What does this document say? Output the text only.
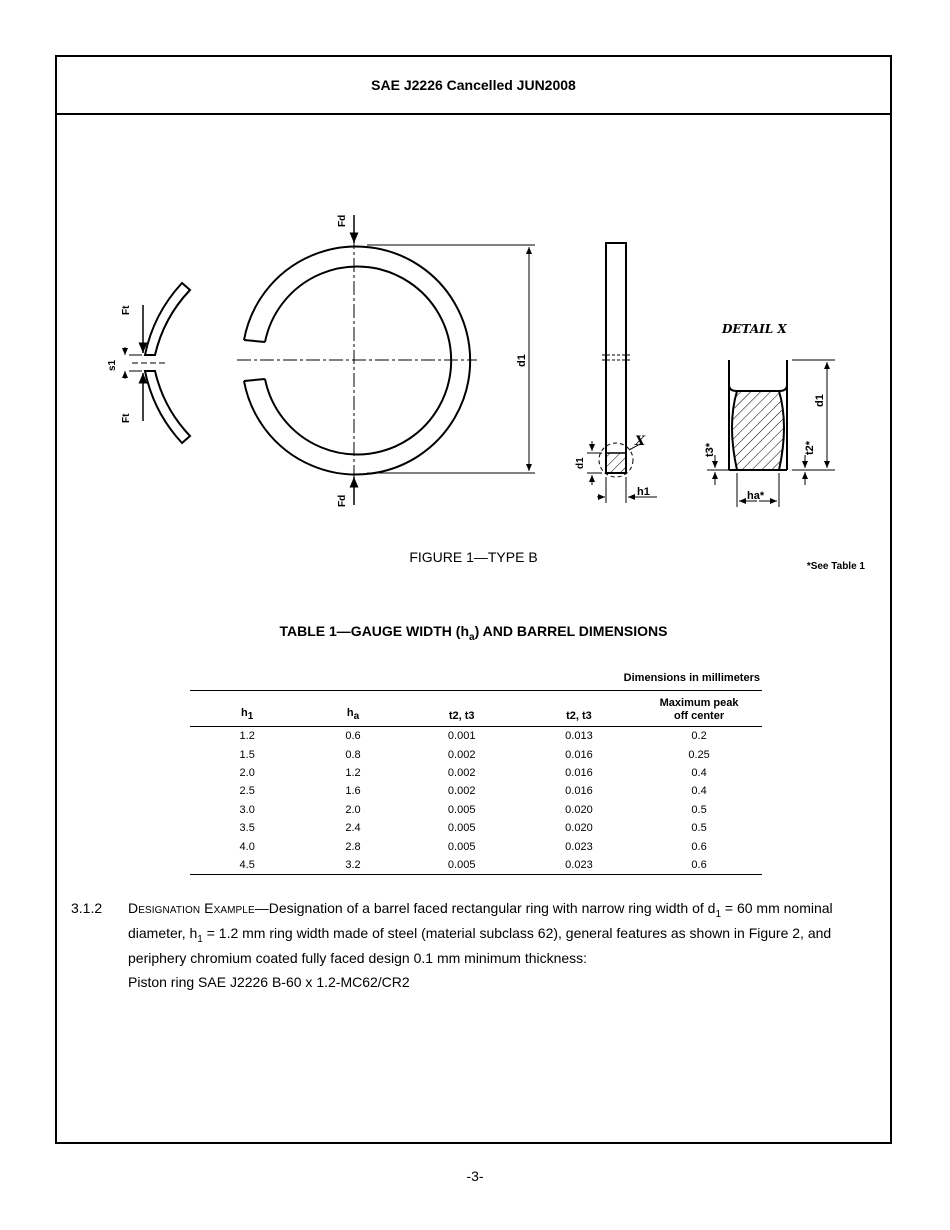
SAE J2226 Cancelled JUN2008
Ft
Ft
s1
Fd
Fd
d1
d1
h1
X
DETAIL X
d1
t3*	t2*
ha*
*See Table 1
FIGURE 1—TYPE B
TABLE 1—GAUGE WIDTH $(h_a)$ AND BARREL DIMENSIONS
Dimensions in millimeters
$h_1$	$h_a$	t2, t3	t2, t3	Maximum peak
off center
1.2	0.6	0.001	0.013	0.2
1.5	0.8	0.002	0.016	0.25
2.0	1.2	0.002	0.016	0.4
2.5	1.6	0.002	0.016	0.4
3.0	2.0	0.005	0.020	0.5
3.5	2.4	0.005	0.020	0.5
4.0	2.8	0.005	0.023	0.6
4.5	3.2	0.005	0.023	0.6
3.1.2 Designation Example—Designation of a barrel faced rectangular ring with narrow ring width of $d_1 = 60$ mm nominal diameter, $h_1 = 1.2$ mm ring width made of steel (material subclass 62), general features as shown in Figure 2, and periphery chromium coated fully faced design 0.1 mm minimum thickness:
Piston ring SAE J2226 B-60 x 1.2-MC62/CR2
-3-
